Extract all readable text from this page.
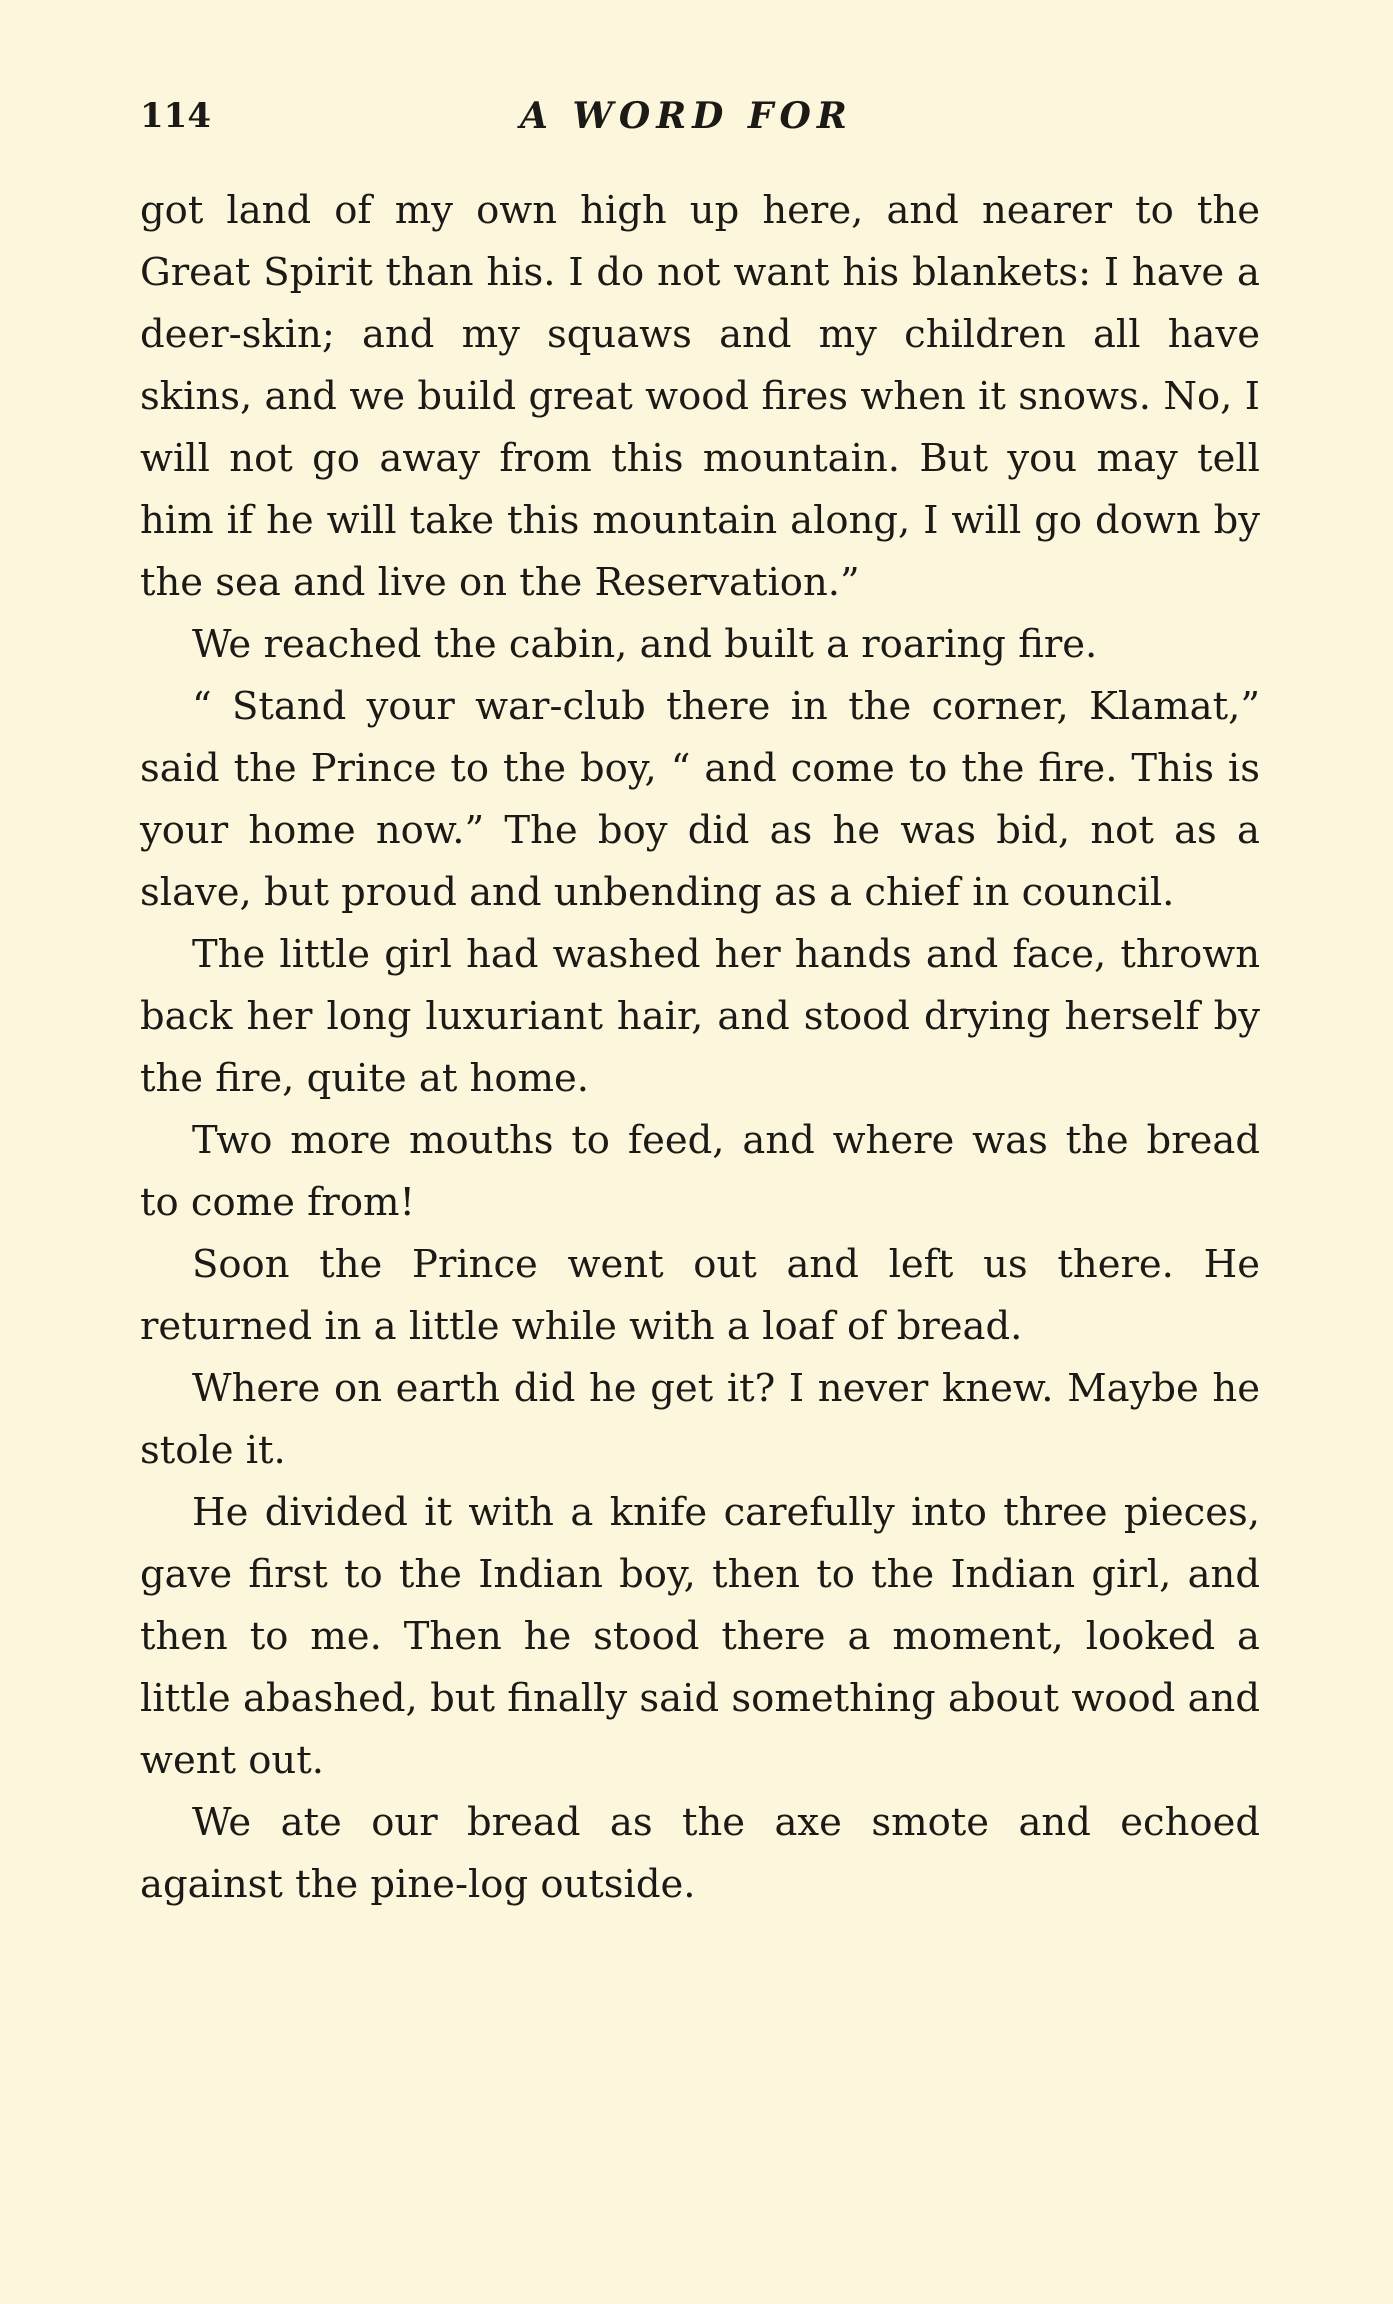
114	A WORD FOR

got land of my own high up here, and nearer to the Great Spirit than his. I do not want his blankets: I have a deer-skin; and my squaws and my children all have skins, and we build great wood fires when it snows. No, I will not go away from this mountain. But you may tell him if he will take this mountain along, I will go down by the sea and live on the Reservation.”

We reached the cabin, and built a roaring fire.

“ Stand your war-club there in the corner, Klamat,” said the Prince to the boy, “ and come to the fire. This is your home now.” The boy did as he was bid, not as a slave, but proud and unbending as a chief in council.

The little girl had washed her hands and face, thrown back her long luxuriant hair, and stood drying herself by the fire, quite at home.

Two more mouths to feed, and where was the bread to come from!

Soon the Prince went out and left us there. He returned in a little while with a loaf of bread.

Where on earth did he get it? I never knew. Maybe he stole it.

He divided it with a knife carefully into three pieces, gave first to the Indian boy, then to the Indian girl, and then to me. Then he stood there a moment, looked a little abashed, but finally said something about wood and went out.

We ate our bread as the axe smote and echoed against the pine-log outside.
